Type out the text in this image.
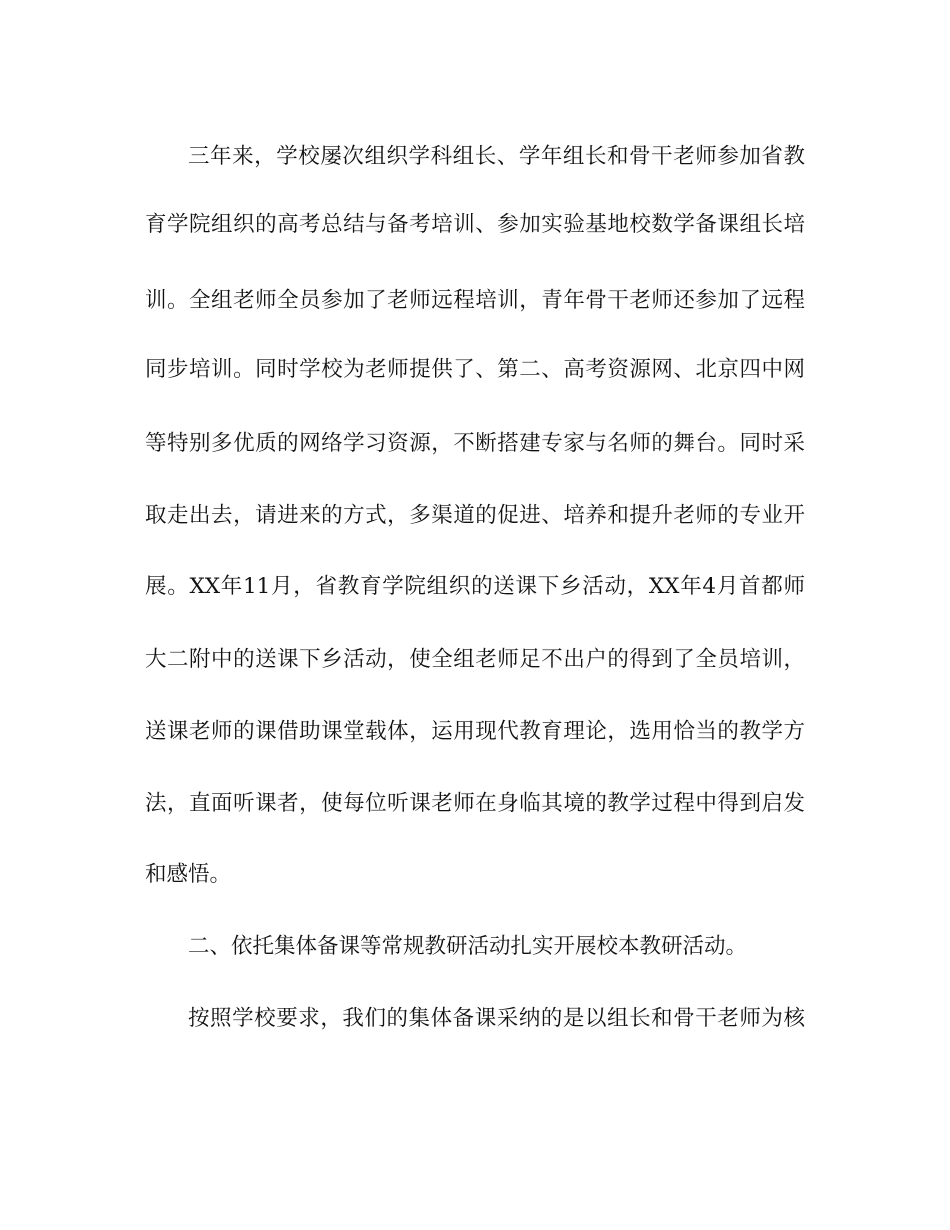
三年来，学校屡次组织学科组长、学年组长和骨干老师参加省教
育学院组织的高考总结与备考培训、参加实验基地校数学备课组长培
训。全组老师全员参加了老师远程培训，青年骨干老师还参加了远程
同步培训。同时学校为老师提供了、第二、高考资源网、北京四中网
等特别多优质的网络学习资源，不断搭建专家与名师的舞台。同时采
取走出去，请进来的方式，多渠道的促进、培养和提升老师的专业开
展。XX年11月，省教育学院组织的送课下乡活动，XX年4月首都师
大二附中的送课下乡活动，使全组老师足不出户的得到了全员培训，
送课老师的课借助课堂载体，运用现代教育理论，选用恰当的教学方
法，直面听课者，使每位听课老师在身临其境的教学过程中得到启发
和感悟。
二、依托集体备课等常规教研活动扎实开展校本教研活动。
按照学校要求，我们的集体备课采纳的是以组长和骨干老师为核
